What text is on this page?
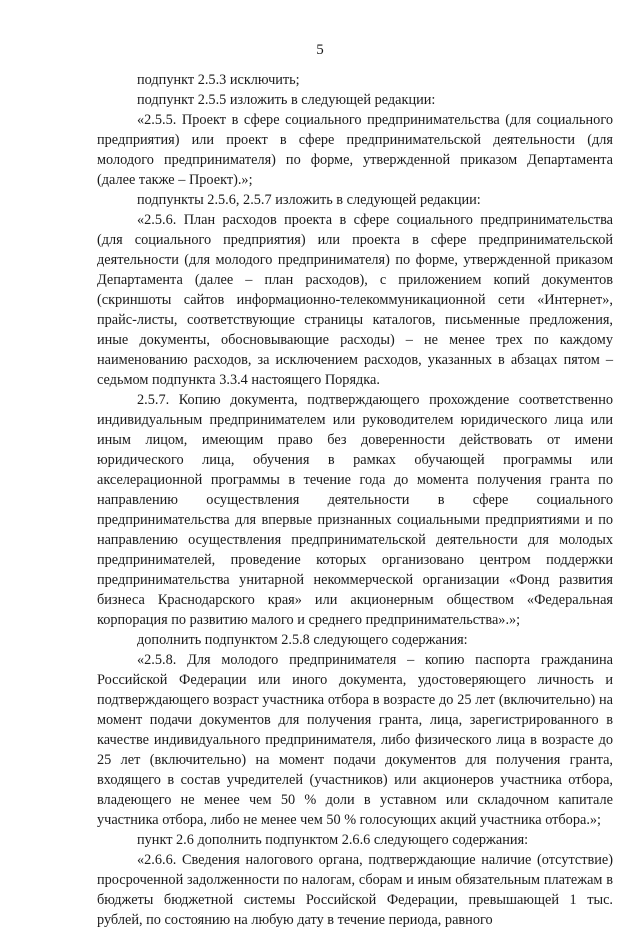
5

подпункт 2.5.3 исключить;

подпункт 2.5.5 изложить в следующей редакции:

«2.5.5. Проект в сфере социального предпринимательства (для социального предприятия) или проект в сфере предпринимательской деятельности (для молодого предпринимателя) по форме, утвержденной приказом Департамента (далее также – Проект).»;

подпункты 2.5.6, 2.5.7 изложить в следующей редакции:

«2.5.6. План расходов проекта в сфере социального предпринимательства (для социального предприятия) или проекта в сфере предпринимательской деятельности (для молодого предпринимателя) по форме, утвержденной приказом Департамента (далее – план расходов), с приложением копий документов (скриншоты сайтов информационно-телекоммуникационной сети «Интернет», прайс-листы, соответствующие страницы каталогов, письменные предложения, иные документы, обосновывающие расходы) – не менее трех по каждому наименованию расходов, за исключением расходов, указанных в абзацах пятом – седьмом подпункта 3.3.4 настоящего Порядка.

2.5.7. Копию документа, подтверждающего прохождение соответственно индивидуальным предпринимателем или руководителем юридического лица или иным лицом, имеющим право без доверенности действовать от имени юридического лица, обучения в рамках обучающей программы или акселерационной программы в течение года до момента получения гранта по направлению осуществления деятельности в сфере социального предпринимательства для впервые признанных социальными предприятиями и по направлению осуществления предпринимательской деятельности для молодых предпринимателей, проведение которых организовано центром поддержки предпринимательства унитарной некоммерческой организации «Фонд развития бизнеса Краснодарского края» или акционерным обществом «Федеральная корпорация по развитию малого и среднего предпринимательства».»;

дополнить подпунктом 2.5.8 следующего содержания:

«2.5.8. Для молодого предпринимателя – копию паспорта гражданина Российской Федерации или иного документа, удостоверяющего личность и подтверждающего возраст участника отбора в возрасте до 25 лет (включительно) на момент подачи документов для получения гранта, лица, зарегистрированного в качестве индивидуального предпринимателя, либо физического лица в возрасте до 25 лет (включительно) на момент подачи документов для получения гранта, входящего в состав учредителей (участников) или акционеров участника отбора, владеющего не менее чем 50 % доли в уставном или складочном капитале участника отбора, либо не менее чем 50 % голосующих акций участника отбора.»;

пункт 2.6 дополнить подпунктом 2.6.6 следующего содержания:

«2.6.6. Сведения налогового органа, подтверждающие наличие (отсутствие) просроченной задолженности по налогам, сборам и иным обязательным платежам в бюджеты бюджетной системы Российской Федерации, превышающей 1 тыс. рублей, по состоянию на любую дату в течение периода, равного
